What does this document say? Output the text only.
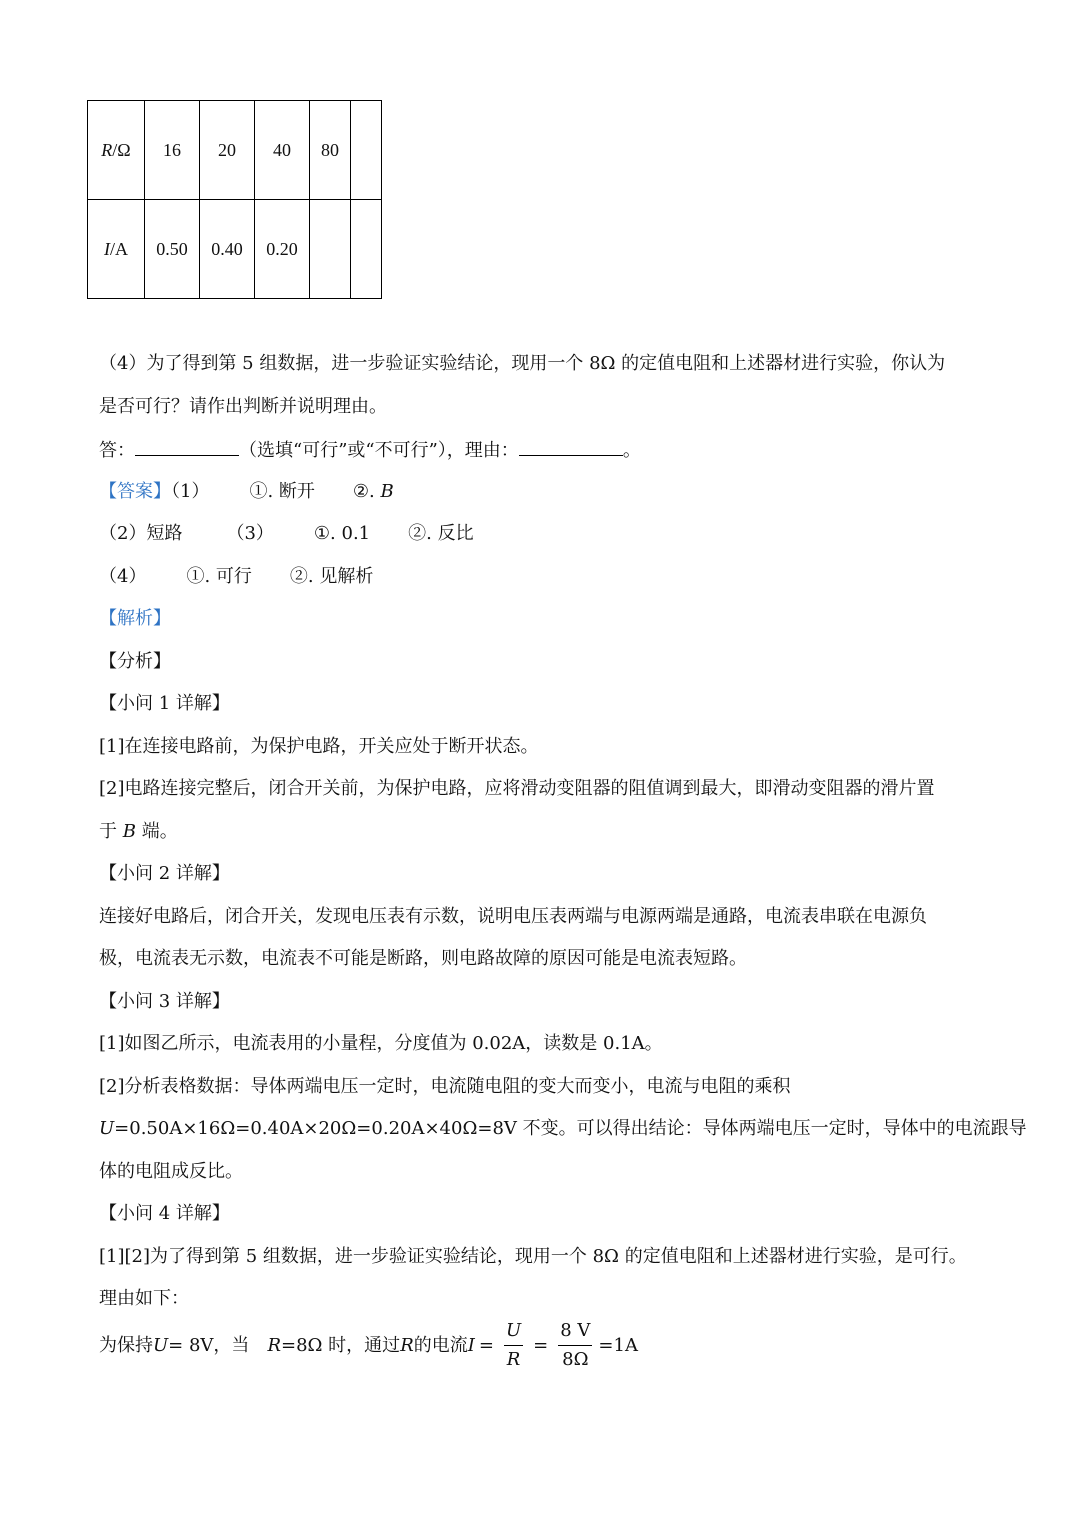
R/Ω	16	20	40	80	
I/A	0.50	0.40	0.20		
（4）为了得到第 5 组数据，进一步验证实验结论，现用一个 8Ω 的定值电阻和上述器材进行实验，你认为
是否可行？请作出判断并说明理由。
答：	（选填“可行”或“不可行”），理由：	。
【答案】（1） ①. 断开 ②. B
（2）短路 （3） ①. 0.1 ②. 反比
（4） ①. 可行 ②. 见解析
【解析】
【分析】
【小问 1 详解】
[1]在连接电路前，为保护电路，开关应处于断开状态。
[2]电路连接完整后，闭合开关前，为保护电路，应将滑动变阻器的阻值调到最大，即滑动变阻器的滑片置
于 B 端。
【小问 2 详解】
连接好电路后，闭合开关，发现电压表有示数，说明电压表两端与电源两端是通路，电流表串联在电源负
极，电流表无示数，电流表不可能是断路，则电路故障的原因可能是电流表短路。
【小问 3 详解】
[1]如图乙所示，电流表用的小量程，分度值为 0.02A，读数是 0.1A。
[2]分析表格数据：导体两端电压一定时，电流随电阻的变大而变小，电流与电阻的乘积
U=0.50A×16Ω=0.40A×20Ω=0.20A×40Ω=8V 不变。可以得出结论：导体两端电压一定时，导体中的电流跟导
体的电阻成反比。
【小问 4 详解】
[1][2]为了得到第 5 组数据，进一步验证实验结论，现用一个 8Ω 的定值电阻和上述器材进行实验，是可行。
理由如下：
为保持 U = 8V，当　 R =8Ω 时，通过 R 的电流 $I = \frac{U}{R} = \frac{8 V}{8\Omega} =1A$
